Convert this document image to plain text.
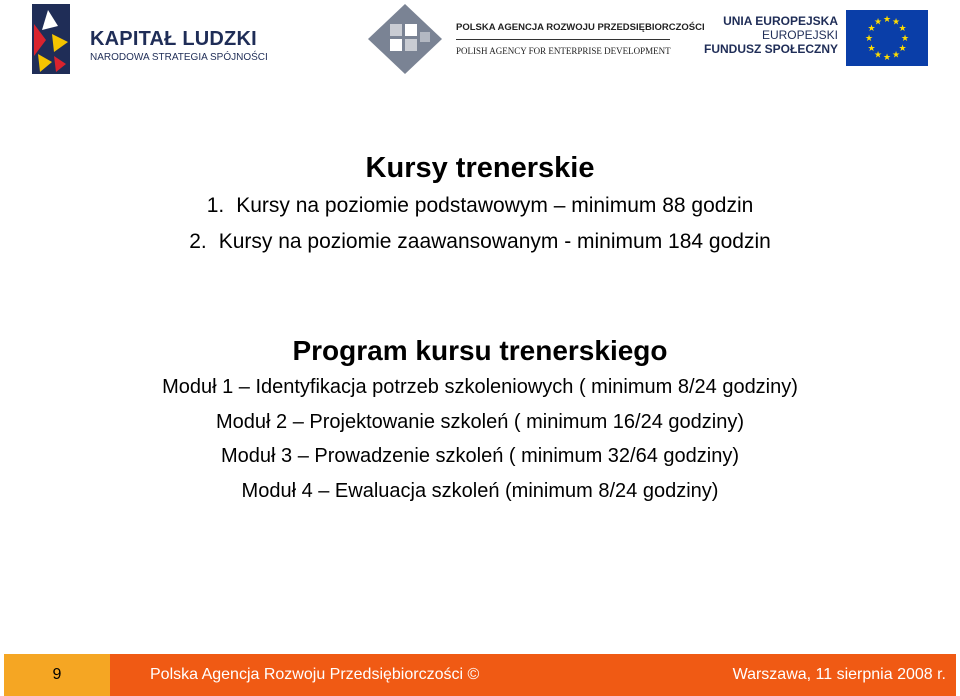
KAPITAŁ LUDZKI
NARODOWA STRATEGIA SPÓJNOŚCI
POLSKA AGENCJA ROZWOJU PRZEDSIĘBIORCZOŚCI
POLISH AGENCY FOR ENTERPRISE DEVELOPMENT
UNIA EUROPEJSKA
EUROPEJSKI
FUNDUSZ SPOŁECZNY
★ ★
★
★
★
★
★
★
★
★
★
★
Kursy trenerskie
1. Kursy na poziomie podstawowym – minimum 88 godzin
2. Kursy na poziomie zaawansowanym - minimum 184 godzin
Program kursu trenerskiego
Moduł 1 – Identyfikacja potrzeb szkoleniowych ( minimum 8/24 godziny)
Moduł 2 – Projektowanie szkoleń ( minimum 16/24 godziny)
Moduł 3 – Prowadzenie szkoleń ( minimum 32/64 godziny)
Moduł 4 – Ewaluacja szkoleń (minimum 8/24 godziny)
9	Polska Agencja Rozwoju Przedsiębiorczości ©	Warszawa, 11 sierpnia 2008 r.
